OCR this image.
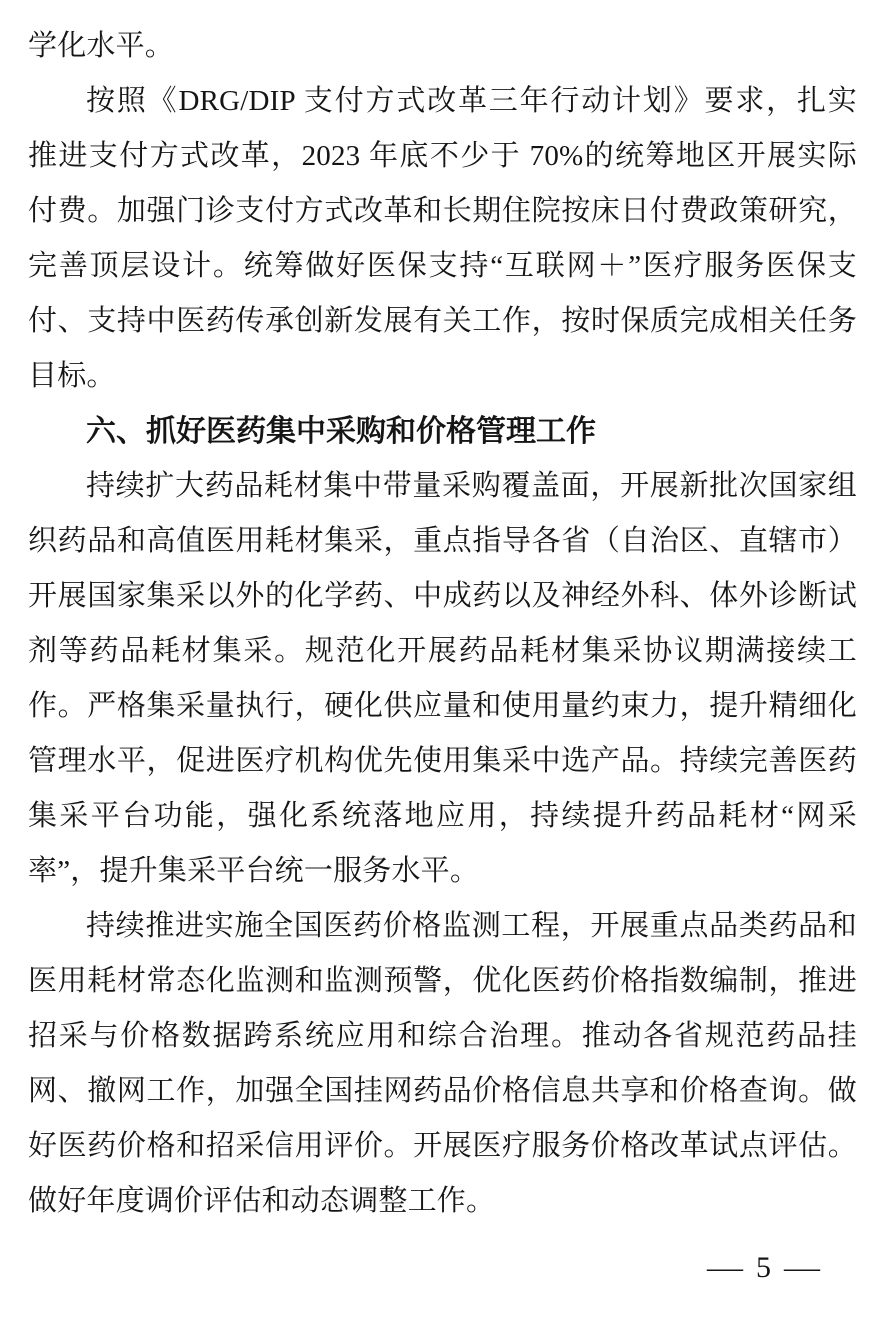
学化水平。
按照《DRG/DIP 支付方式改革三年行动计划》要求，扎实
推进支付方式改革，2023 年底不少于 70%的统筹地区开展实际
付费。加强门诊支付方式改革和长期住院按床日付费政策研究，
完善顶层设计。统筹做好医保支持“互联网＋”医疗服务医保支
付、支持中医药传承创新发展有关工作，按时保质完成相关任务
目标。
六、抓好医药集中采购和价格管理工作
持续扩大药品耗材集中带量采购覆盖面，开展新批次国家组
织药品和高值医用耗材集采，重点指导各省（自治区、直辖市）
开展国家集采以外的化学药、中成药以及神经外科、体外诊断试
剂等药品耗材集采。规范化开展药品耗材集采协议期满接续工
作。严格集采量执行，硬化供应量和使用量约束力，提升精细化
管理水平，促进医疗机构优先使用集采中选产品。持续完善医药
集采平台功能，强化系统落地应用，持续提升药品耗材“网采
率”，提升集采平台统一服务水平。
持续推进实施全国医药价格监测工程，开展重点品类药品和
医用耗材常态化监测和监测预警，优化医药价格指数编制，推进
招采与价格数据跨系统应用和综合治理。推动各省规范药品挂
网、撤网工作，加强全国挂网药品价格信息共享和价格查询。做
好医药价格和招采信用评价。开展医疗服务价格改革试点评估。
做好年度调价评估和动态调整工作。
— 5 —
